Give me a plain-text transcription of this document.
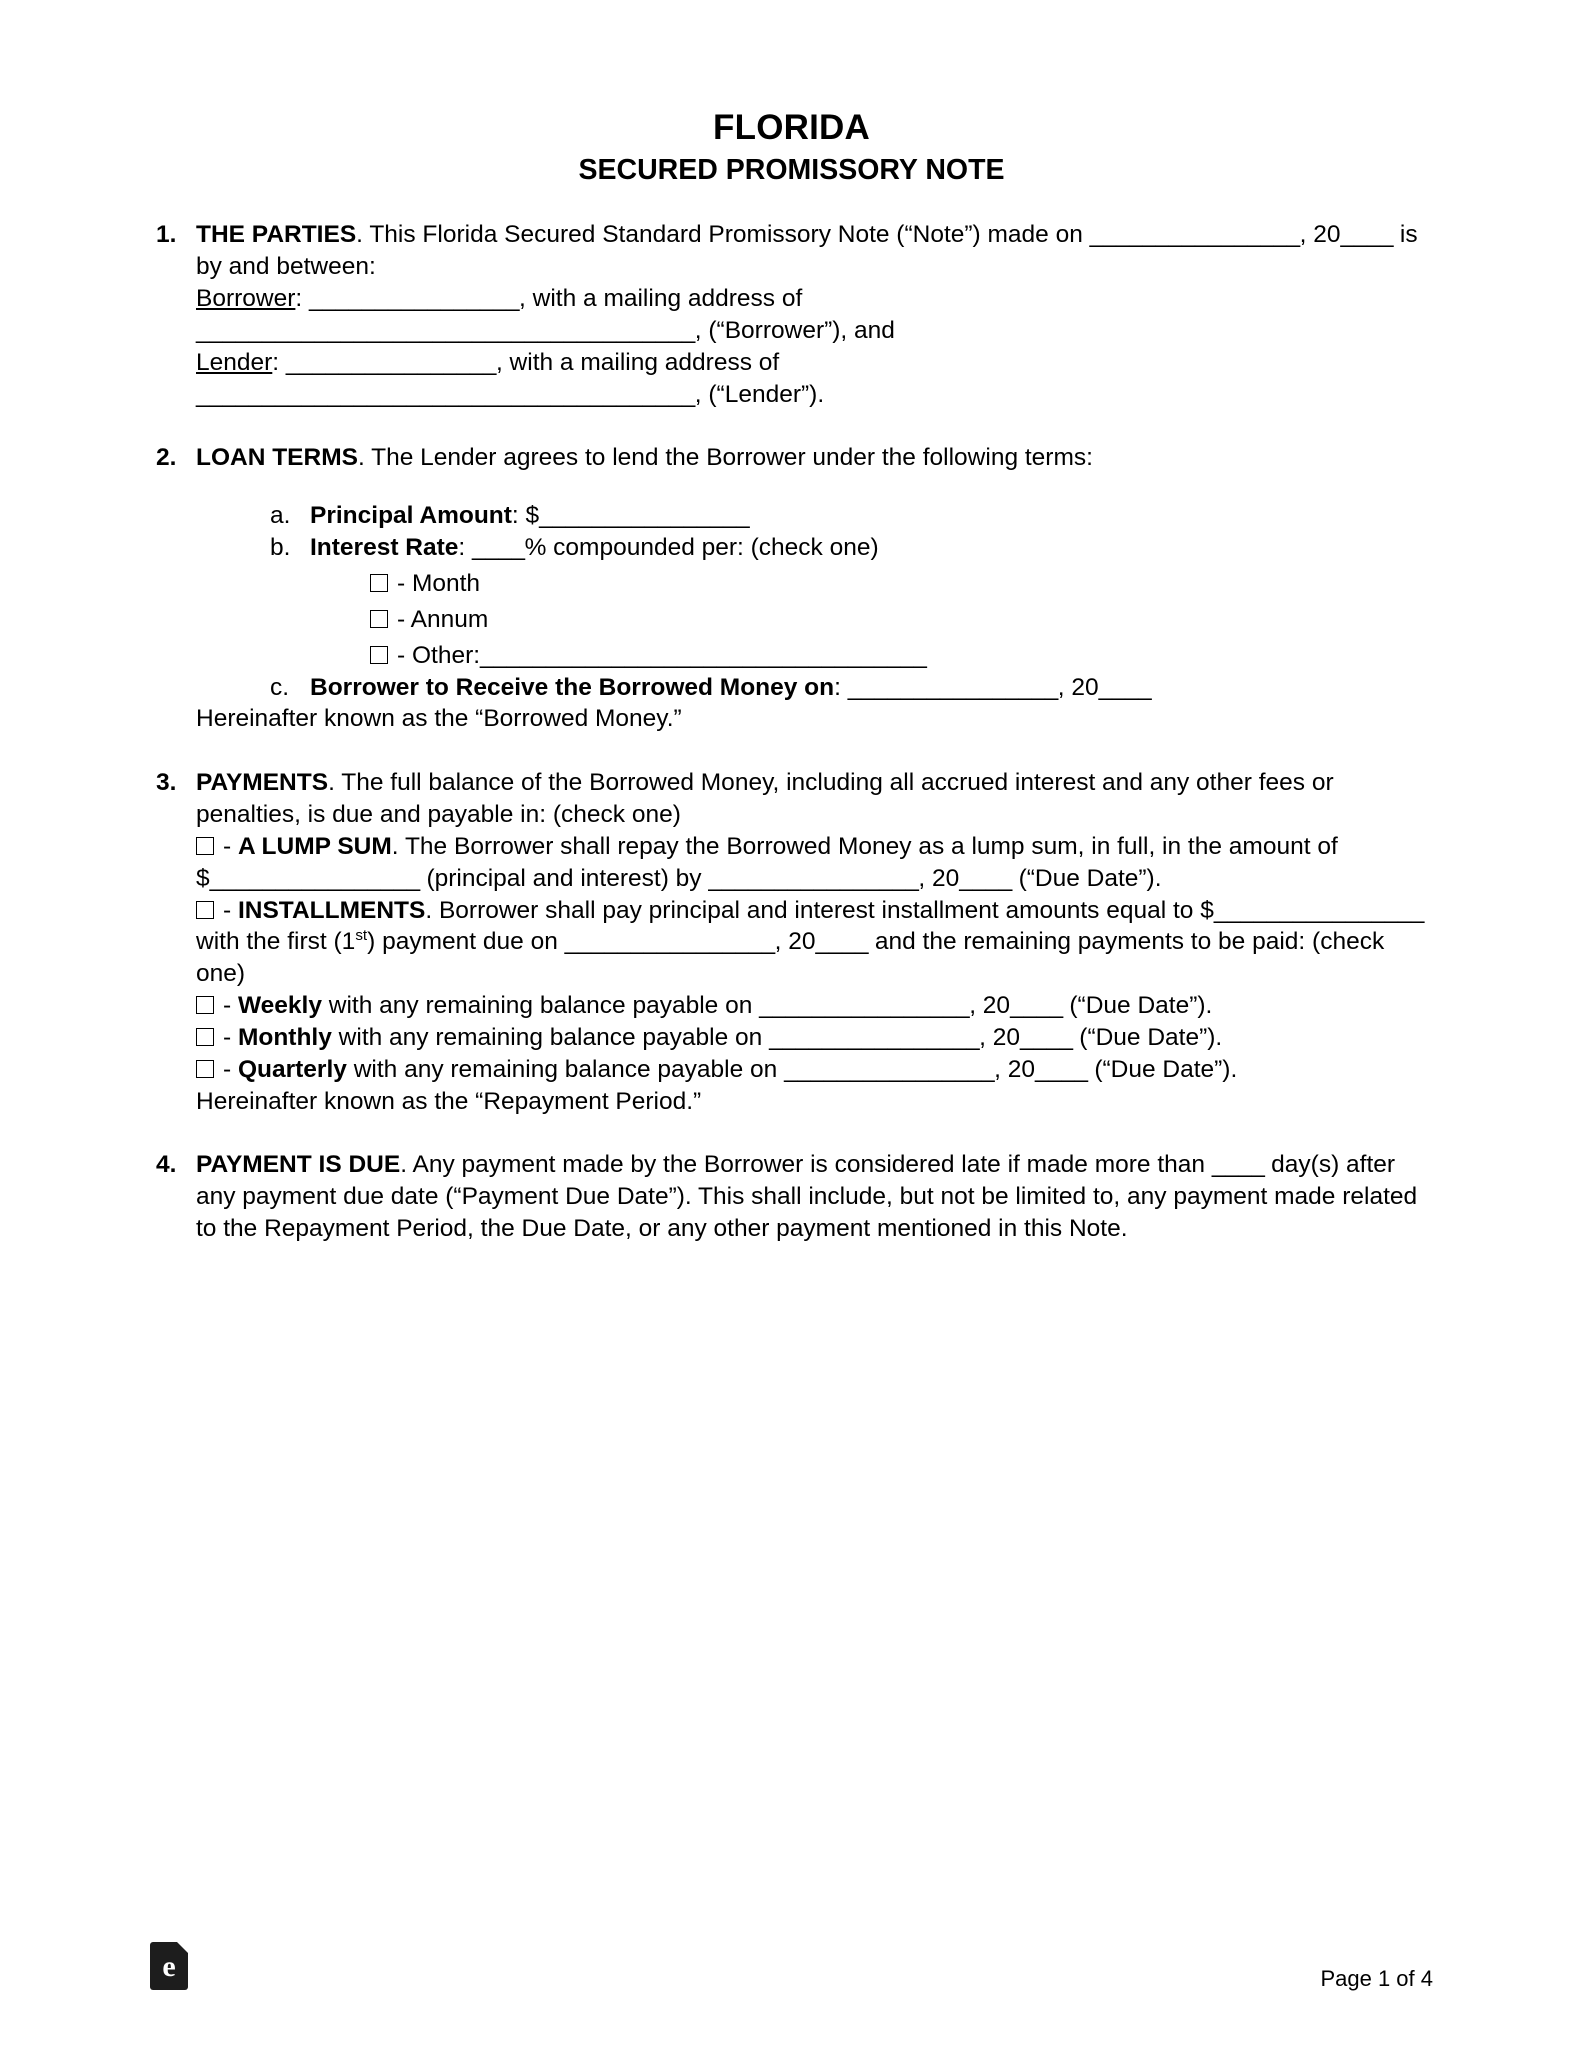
FLORIDA
SECURED PROMISSORY NOTE
1. THE PARTIES. This Florida Secured Standard Promissory Note (“Note”) made on ________________, 20____ is by and between:

Borrower: ________________, with a mailing address of
______________________________________, (“Borrower”), and

Lender: ________________, with a mailing address of
______________________________________, (“Lender”).

2. LOAN TERMS. The Lender agrees to lend the Borrower under the following terms:

a. Principal Amount: $________________
b. Interest Rate: ____% compounded per: (check one)
- Month
- Annum
- Other: __________________________________
c. Borrower to Receive the Borrowed Money on: ________________, 20____

Hereinafter known as the “Borrowed Money.”

3. PAYMENTS. The full balance of the Borrowed Money, including all accrued interest and any other fees or penalties, is due and payable in: (check one)

- A LUMP SUM. The Borrower shall repay the Borrowed Money as a lump sum, in full, in the amount of $________________ (principal and interest) by ________________, 20____ (“Due Date”).

- INSTALLMENTS. Borrower shall pay principal and interest installment amounts equal to $________________ with the first (1st) payment due on ________________, 20____ and the remaining payments to be paid: (check one)

- Weekly with any remaining balance payable on ________________, 20____ (“Due Date”).

- Monthly with any remaining balance payable on ________________, 20____ (“Due Date”).

- Quarterly with any remaining balance payable on ________________, 20____ (“Due Date”).

Hereinafter known as the “Repayment Period.”

4. PAYMENT IS DUE. Any payment made by the Borrower is considered late if made more than ____ day(s) after any payment due date (“Payment Due Date”). This shall include, but not be limited to, any payment made related to the Repayment Period, the Due Date, or any other payment mentioned in this Note.

e	Page 1 of 4
